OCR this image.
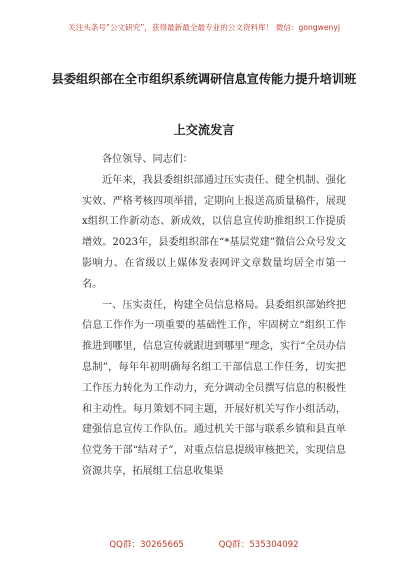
关注头条号“公文研究”，获得最新最全最专业的公文资料库！ 微信：gongwenyj
县委组织部在全市组织系统调研信息宣传能力提升培训班
上交流发言

各位领导、同志们：

近年来，我县委组织部通过压实责任、健全机制、强化实效、严格考核四项举措，定期向上报送高质量稿件，展现x组织工作新动态、新成效，以信息宣传助推组织工作提质增效。2023年，县委组织部在“*基层党建”微信公众号发文影响力、在省级以上媒体发表网评文章数量均居全市第一名。

一、压实责任，构建全员信息格局。县委组织部始终把信息工作作为一项重要的基础性工作，牢固树立“组织工作推进到哪里，信息宣传就跟进到哪里”理念，实行“全员办信息制”，每年年初明确每名组工干部信息工作任务，切实把工作压力转化为工作动力，充分调动全员撰写信息的积极性和主动性。每月策划不同主题，开展好机关写作小组活动，建强信息宣传工作队伍。通过机关干部与联系乡镇和县直单位党务干部“结对子”，对重点信息提级审核把关，实现信息资源共享，拓展组工信息收集渠

QQ群：30265665	QQ群：535304092
